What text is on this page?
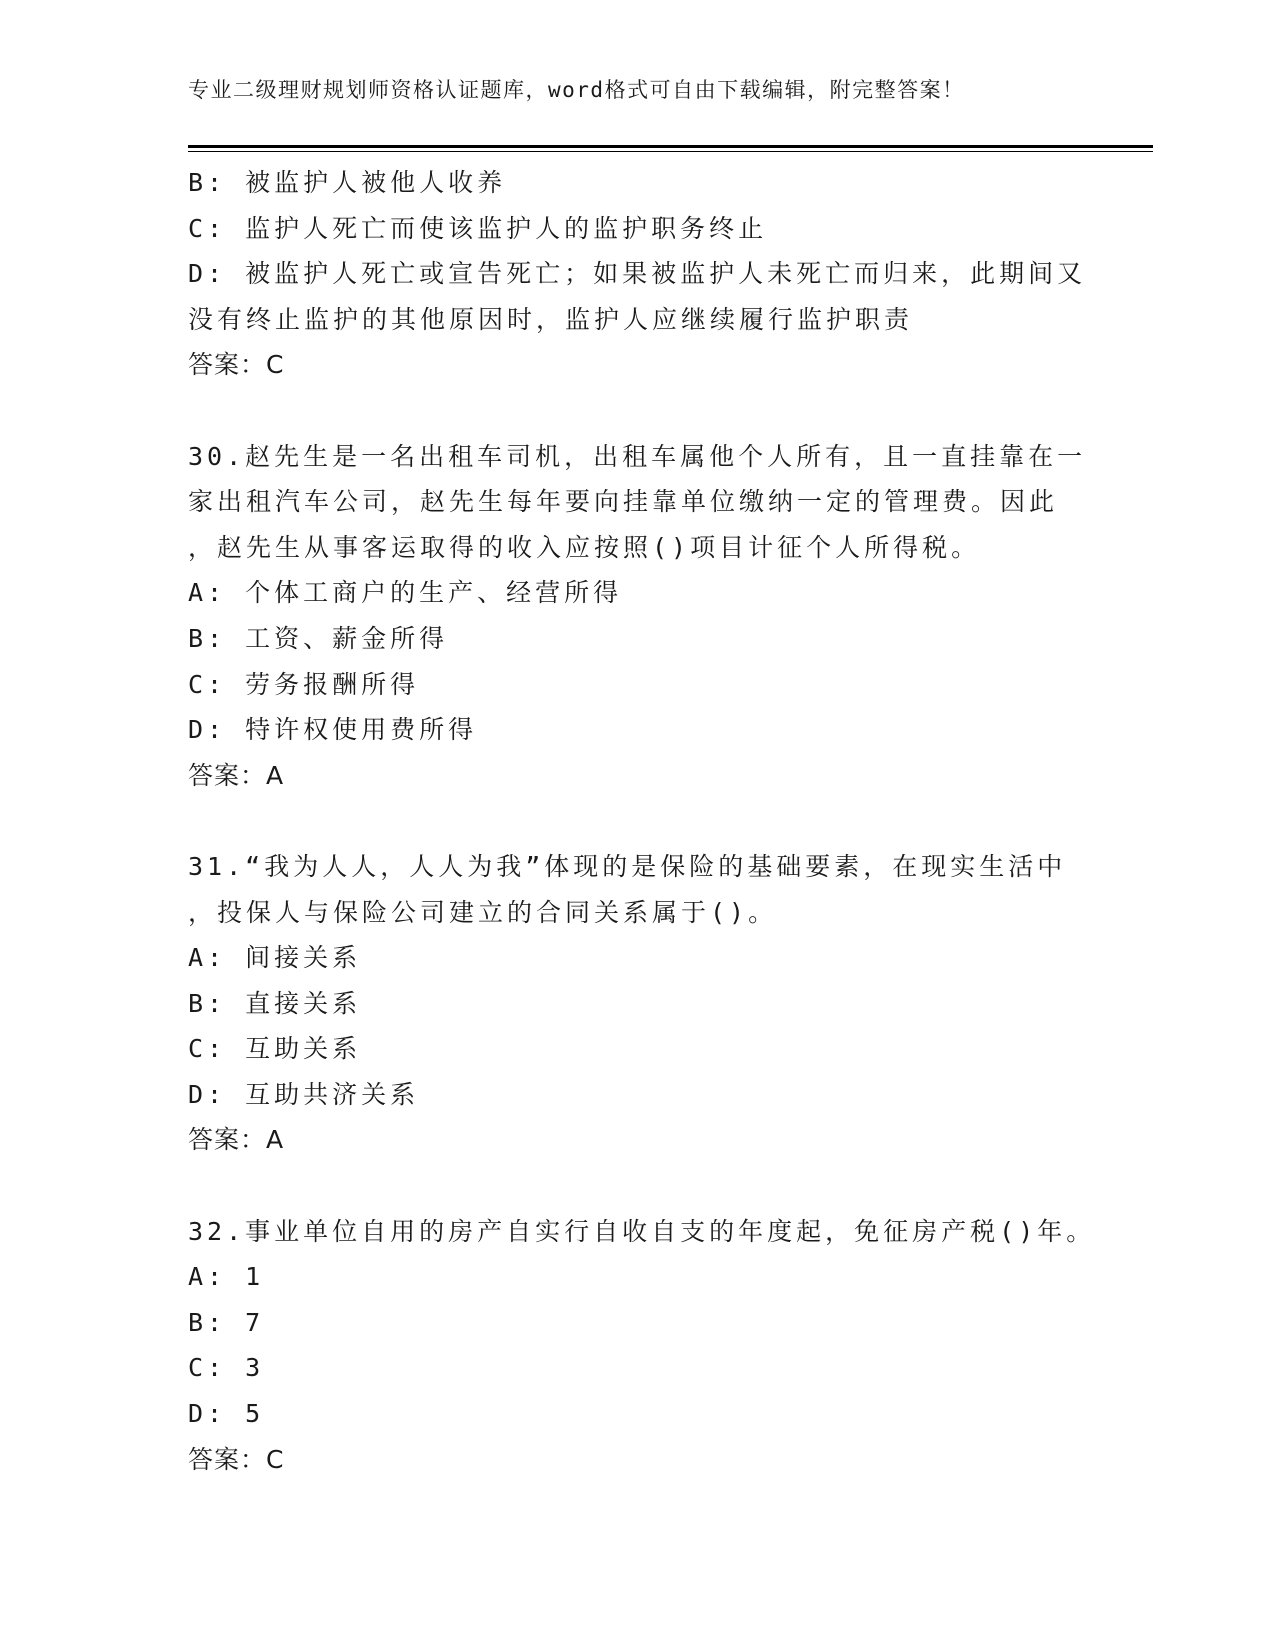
专业二级理财规划师资格认证题库，word格式可自由下载编辑，附完整答案！
B: 被监护人被他人收养
C: 监护人死亡而使该监护人的监护职务终止
D: 被监护人死亡或宣告死亡；如果被监护人未死亡而归来，此期间又
没有终止监护的其他原因时，监护人应继续履行监护职责
答案：C
30.赵先生是一名出租车司机，出租车属他个人所有，且一直挂靠在一
家出租汽车公司，赵先生每年要向挂靠单位缴纳一定的管理费。因此
，赵先生从事客运取得的收入应按照()项目计征个人所得税。
A: 个体工商户的生产、经营所得
B: 工资、薪金所得
C: 劳务报酬所得
D: 特许权使用费所得
答案：A
31.“我为人人，人人为我”体现的是保险的基础要素，在现实生活中
，投保人与保险公司建立的合同关系属于()。
A: 间接关系
B: 直接关系
C: 互助关系
D: 互助共济关系
答案：A
32.事业单位自用的房产自实行自收自支的年度起，免征房产税()年。
A: 1
B: 7
C: 3
D: 5
答案：C
